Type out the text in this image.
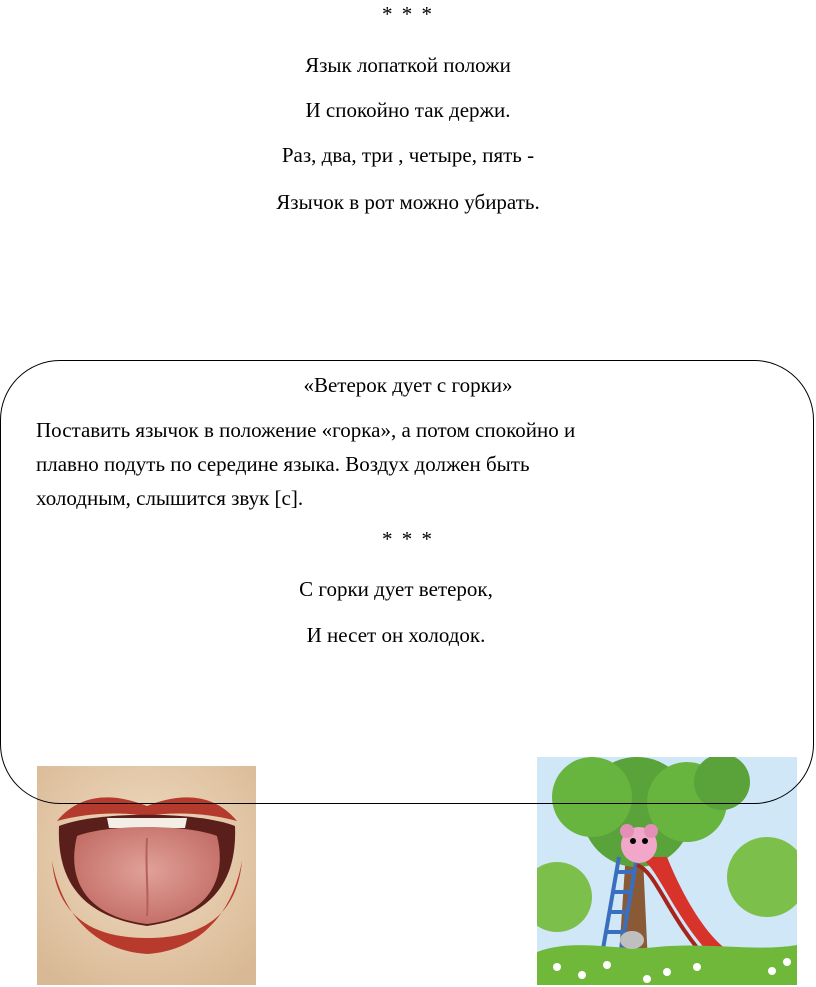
* * *
Язык лопаткой положи
И спокойно так держи.
Раз, два, три , четыре, пять -
Язычок в рот можно убирать.
«Ветерок дует с горки»
Поставить язычок в положение «горка», а потом спокойно и
плавно подуть по середине языка. Воздух должен быть
холодным, слышится звук [с].
* * *
С горки дует ветерок,
И несет он холодок.
